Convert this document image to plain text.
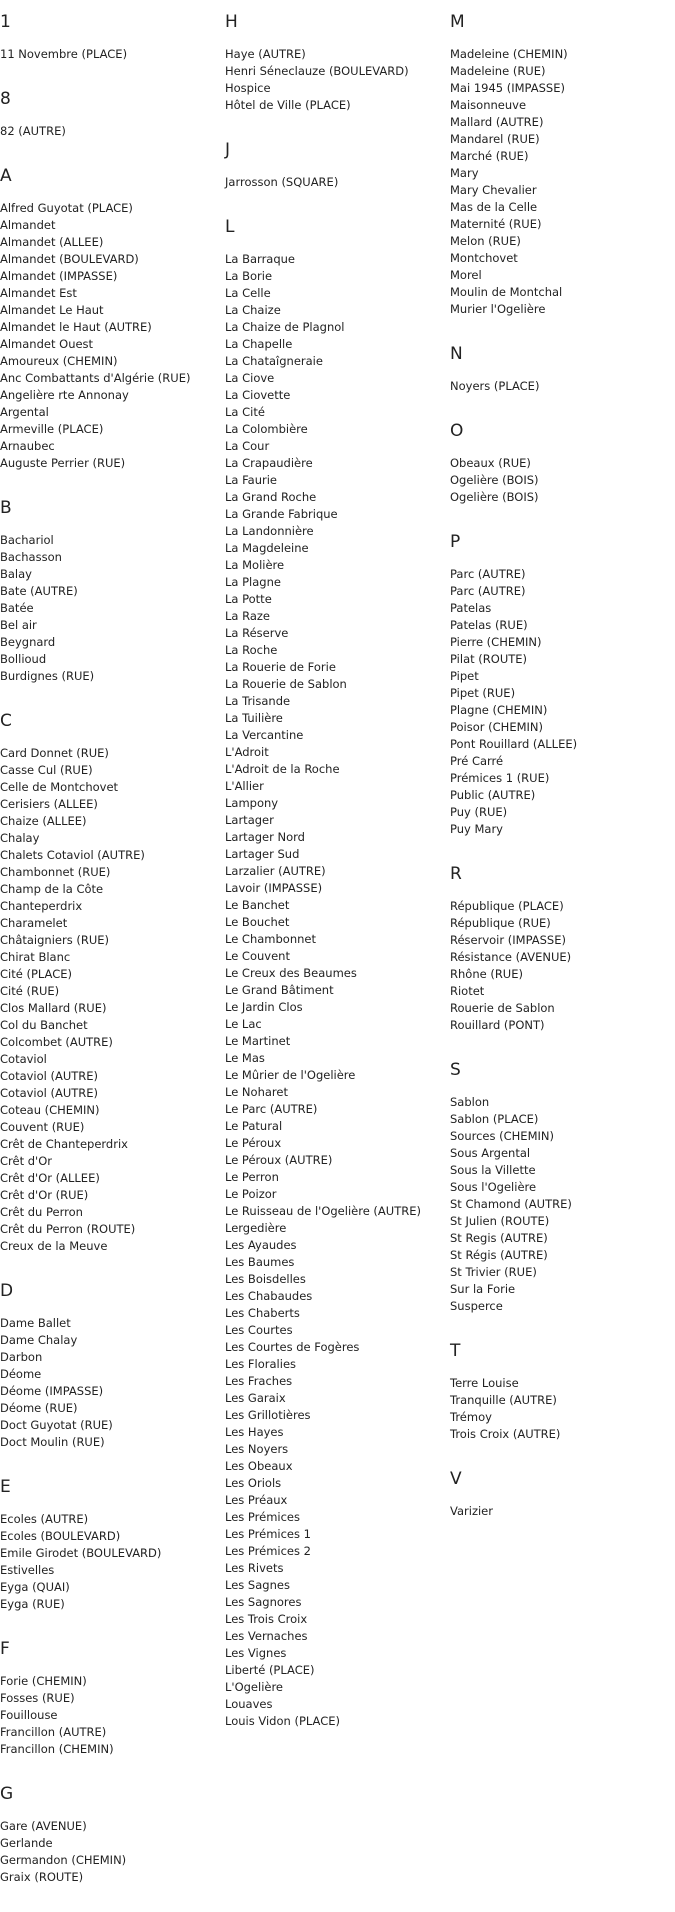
1
11 Novembre (PLACE)
8
82 (AUTRE)
A
Alfred Guyotat (PLACE)
Almandet
Almandet (ALLEE)
Almandet (BOULEVARD)
Almandet (IMPASSE)
Almandet Est
Almandet Le Haut
Almandet le Haut (AUTRE)
Almandet Ouest
Amoureux (CHEMIN)
Anc Combattants d'Algérie (RUE)
Angelière rte Annonay
Argental
Armeville (PLACE)
Arnaubec
Auguste Perrier (RUE)
B
Bachariol
Bachasson
Balay
Bate (AUTRE)
Batée
Bel air
Beygnard
Bollioud
Burdignes (RUE)
C
Card Donnet (RUE)
Casse Cul (RUE)
Celle de Montchovet
Cerisiers (ALLEE)
Chaize (ALLEE)
Chalay
Chalets Cotaviol (AUTRE)
Chambonnet (RUE)
Champ de la Côte
Chanteperdrix
Charamelet
Châtaigniers (RUE)
Chirat Blanc
Cité (PLACE)
Cité (RUE)
Clos Mallard (RUE)
Col du Banchet
Colcombet (AUTRE)
Cotaviol
Cotaviol (AUTRE)
Cotaviol (AUTRE)
Coteau (CHEMIN)
Couvent (RUE)
Crêt de Chanteperdrix
Crêt d'Or
Crêt d'Or (ALLEE)
Crêt d'Or (RUE)
Crêt du Perron
Crêt du Perron (ROUTE)
Creux de la Meuve
D
Dame Ballet
Dame Chalay
Darbon
Déome
Déome (IMPASSE)
Déome (RUE)
Doct Guyotat (RUE)
Doct Moulin (RUE)
E
Ecoles (AUTRE)
Ecoles (BOULEVARD)
Emile Girodet (BOULEVARD)
Estivelles
Eyga (QUAI)
Eyga (RUE)
F
Forie (CHEMIN)
Fosses (RUE)
Fouillouse
Francillon (AUTRE)
Francillon (CHEMIN)
G
Gare (AVENUE)
Gerlande
Germandon (CHEMIN)
Graix (ROUTE)
H
Haye (AUTRE)
Henri Séneclauze (BOULEVARD)
Hospice
Hôtel de Ville (PLACE)
J
Jarrosson (SQUARE)
L
La Barraque
La Borie
La Celle
La Chaize
La Chaize de Plagnol
La Chapelle
La Chataîgneraie
La Ciove
La Ciovette
La Cité
La Colombière
La Cour
La Crapaudière
La Faurie
La Grand Roche
La Grande Fabrique
La Landonnière
La Magdeleine
La Molière
La Plagne
La Potte
La Raze
La Réserve
La Roche
La Rouerie de Forie
La Rouerie de Sablon
La Trisande
La Tuilière
La Vercantine
L'Adroit
L'Adroit de la Roche
L'Allier
Lampony
Lartager
Lartager Nord
Lartager Sud
Larzalier (AUTRE)
Lavoir (IMPASSE)
Le Banchet
Le Bouchet
Le Chambonnet
Le Couvent
Le Creux des Beaumes
Le Grand Bâtiment
Le Jardin Clos
Le Lac
Le Martinet
Le Mas
Le Mûrier de l'Ogelière
Le Noharet
Le Parc (AUTRE)
Le Patural
Le Péroux
Le Péroux (AUTRE)
Le Perron
Le Poizor
Le Ruisseau de l'Ogelière (AUTRE)
Lergedière
Les Ayaudes
Les Baumes
Les Boisdelles
Les Chabaudes
Les Chaberts
Les Courtes
Les Courtes de Fogères
Les Floralies
Les Fraches
Les Garaix
Les Grillotières
Les Hayes
Les Noyers
Les Obeaux
Les Oriols
Les Préaux
Les Prémices
Les Prémices 1
Les Prémices 2
Les Rivets
Les Sagnes
Les Sagnores
Les Trois Croix
Les Vernaches
Les Vignes
Liberté (PLACE)
L'Ogelière
Louaves
Louis Vidon (PLACE)
M
Madeleine (CHEMIN)
Madeleine (RUE)
Mai 1945 (IMPASSE)
Maisonneuve
Mallard (AUTRE)
Mandarel (RUE)
Marché (RUE)
Mary
Mary Chevalier
Mas de la Celle
Maternité (RUE)
Melon (RUE)
Montchovet
Morel
Moulin de Montchal
Murier l'Ogelière
N
Noyers (PLACE)
O
Obeaux (RUE)
Ogelière (BOIS)
Ogelière (BOIS)
P
Parc (AUTRE)
Parc (AUTRE)
Patelas
Patelas (RUE)
Pierre (CHEMIN)
Pilat (ROUTE)
Pipet
Pipet (RUE)
Plagne (CHEMIN)
Poisor (CHEMIN)
Pont Rouillard (ALLEE)
Pré Carré
Prémices 1 (RUE)
Public (AUTRE)
Puy (RUE)
Puy Mary
R
République (PLACE)
République (RUE)
Réservoir (IMPASSE)
Résistance (AVENUE)
Rhône (RUE)
Riotet
Rouerie de Sablon
Rouillard (PONT)
S
Sablon
Sablon (PLACE)
Sources (CHEMIN)
Sous Argental
Sous la Villette
Sous l'Ogelière
St Chamond (AUTRE)
St Julien (ROUTE)
St Regis (AUTRE)
St Régis (AUTRE)
St Trivier (RUE)
Sur la Forie
Susperce
T
Terre Louise
Tranquille (AUTRE)
Trémoy
Trois Croix (AUTRE)
V
Varizier
